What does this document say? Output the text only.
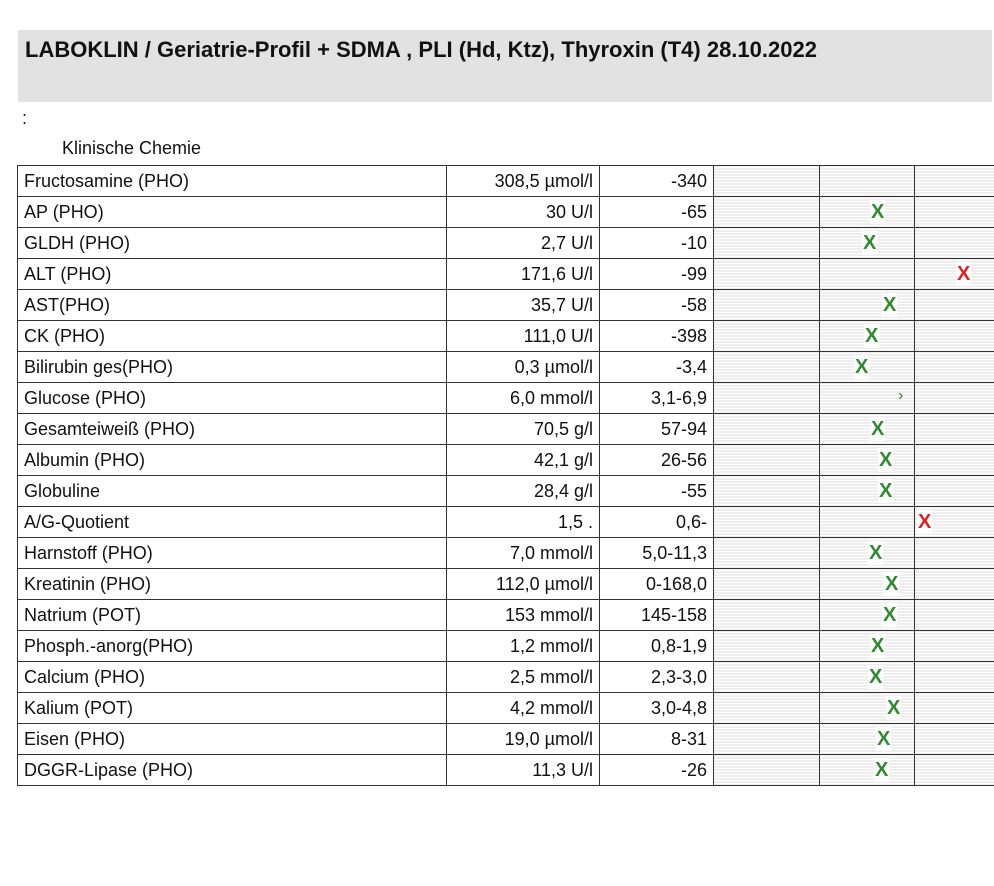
LABOKLIN / Geriatrie-Profil + SDMA , PLI (Hd, Ktz), Thyroxin (T4) 28.10.2022
:
Klinische Chemie
Fructosamine (PHO)	308,5 µmol/l	-340			
AP (PHO)	30 U/l	-65		X	

GLDH (PHO)	2,7 U/l	-10		X	

ALT (PHO)	171,6 U/l	-99			X

AST(PHO)	35,7 U/l	-58		X	

CK (PHO)	111,0 U/l	-398		X	

Bilirubin ges(PHO)	0,3 µmol/l	-3,4		X	

Glucose (PHO)	6,0 mmol/l	3,1-6,9		›	

Gesamteiweiß (PHO)	70,5 g/l	57-94		X	

Albumin (PHO)	42,1 g/l	26-56		X	

Globuline	28,4 g/l	-55		X	

A/G-Quotient	1,5 .	0,6-			X

Harnstoff (PHO)	7,0 mmol/l	5,0-11,3		X	

Kreatinin (PHO)	112,0 µmol/l	0-168,0		X	

Natrium (POT)	153 mmol/l	145-158		X	

Phosph.-anorg(PHO)	1,2 mmol/l	0,8-1,9		X	

Calcium (PHO)	2,5 mmol/l	2,3-3,0		X	

Kalium (POT)	4,2 mmol/l	3,0-4,8		X	

Eisen (PHO)	19,0 µmol/l	8-31		X	

DGGR-Lipase (PHO)	11,3 U/l	-26		X	
